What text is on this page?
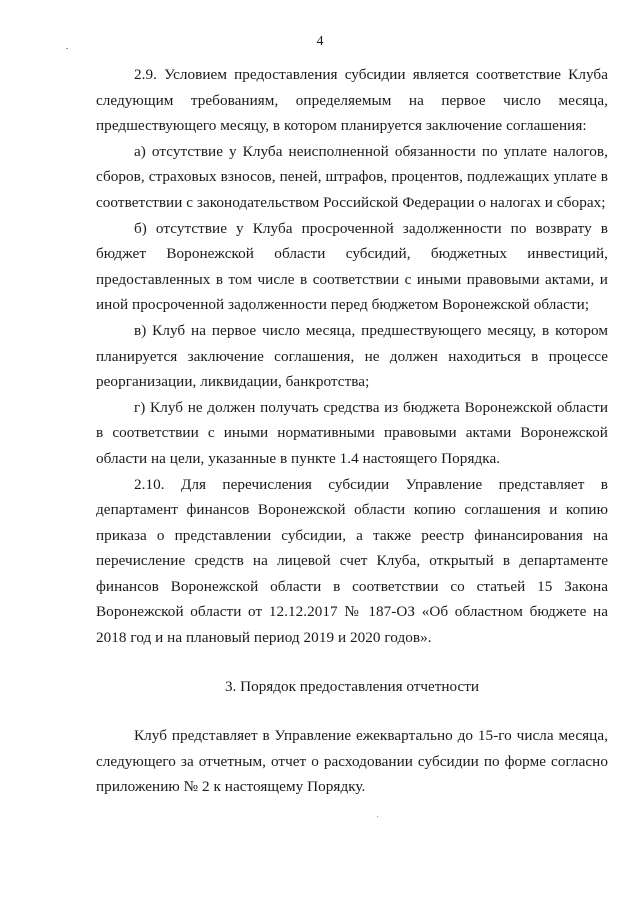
4

2.9. Условием предоставления субсидии является соответствие Клуба следующим требованиям, определяемым на первое число месяца, предшествующего месяцу, в котором планируется заключение соглашения:

а) отсутствие у Клуба неисполненной обязанности по уплате налогов, сборов, страховых взносов, пеней, штрафов, процентов, подлежащих уплате в соответствии с законодательством Российской Федерации о налогах и сборах;

б) отсутствие у Клуба просроченной задолженности по возврату в бюджет Воронежской области субсидий, бюджетных инвестиций, предоставленных в том числе в соответствии с иными правовыми актами, и иной просроченной задолженности перед бюджетом Воронежской области;

в) Клуб на первое число месяца, предшествующего месяцу, в котором планируется заключение соглашения, не должен находиться в процессе реорганизации, ликвидации, банкротства;

г) Клуб не должен получать средства из бюджета Воронежской области в соответствии с иными нормативными правовыми актами Воронежской области на цели, указанные в пункте 1.4 настоящего Порядка.

2.10. Для перечисления субсидии Управление представляет в департамент финансов Воронежской области копию соглашения и копию приказа о представлении субсидии, а также реестр финансирования на перечисление средств на лицевой счет Клуба, открытый в департаменте финансов Воронежской области в соответствии со статьей 15 Закона Воронежской области от 12.12.2017 № 187-ОЗ «Об областном бюджете на 2018 год и на плановый период 2019 и 2020 годов».

3. Порядок предоставления отчетности

Клуб представляет в Управление ежеквартально до 15-го числа месяца, следующего за отчетным, отчет о расходовании субсидии по форме согласно приложению № 2 к настоящему Порядку.
